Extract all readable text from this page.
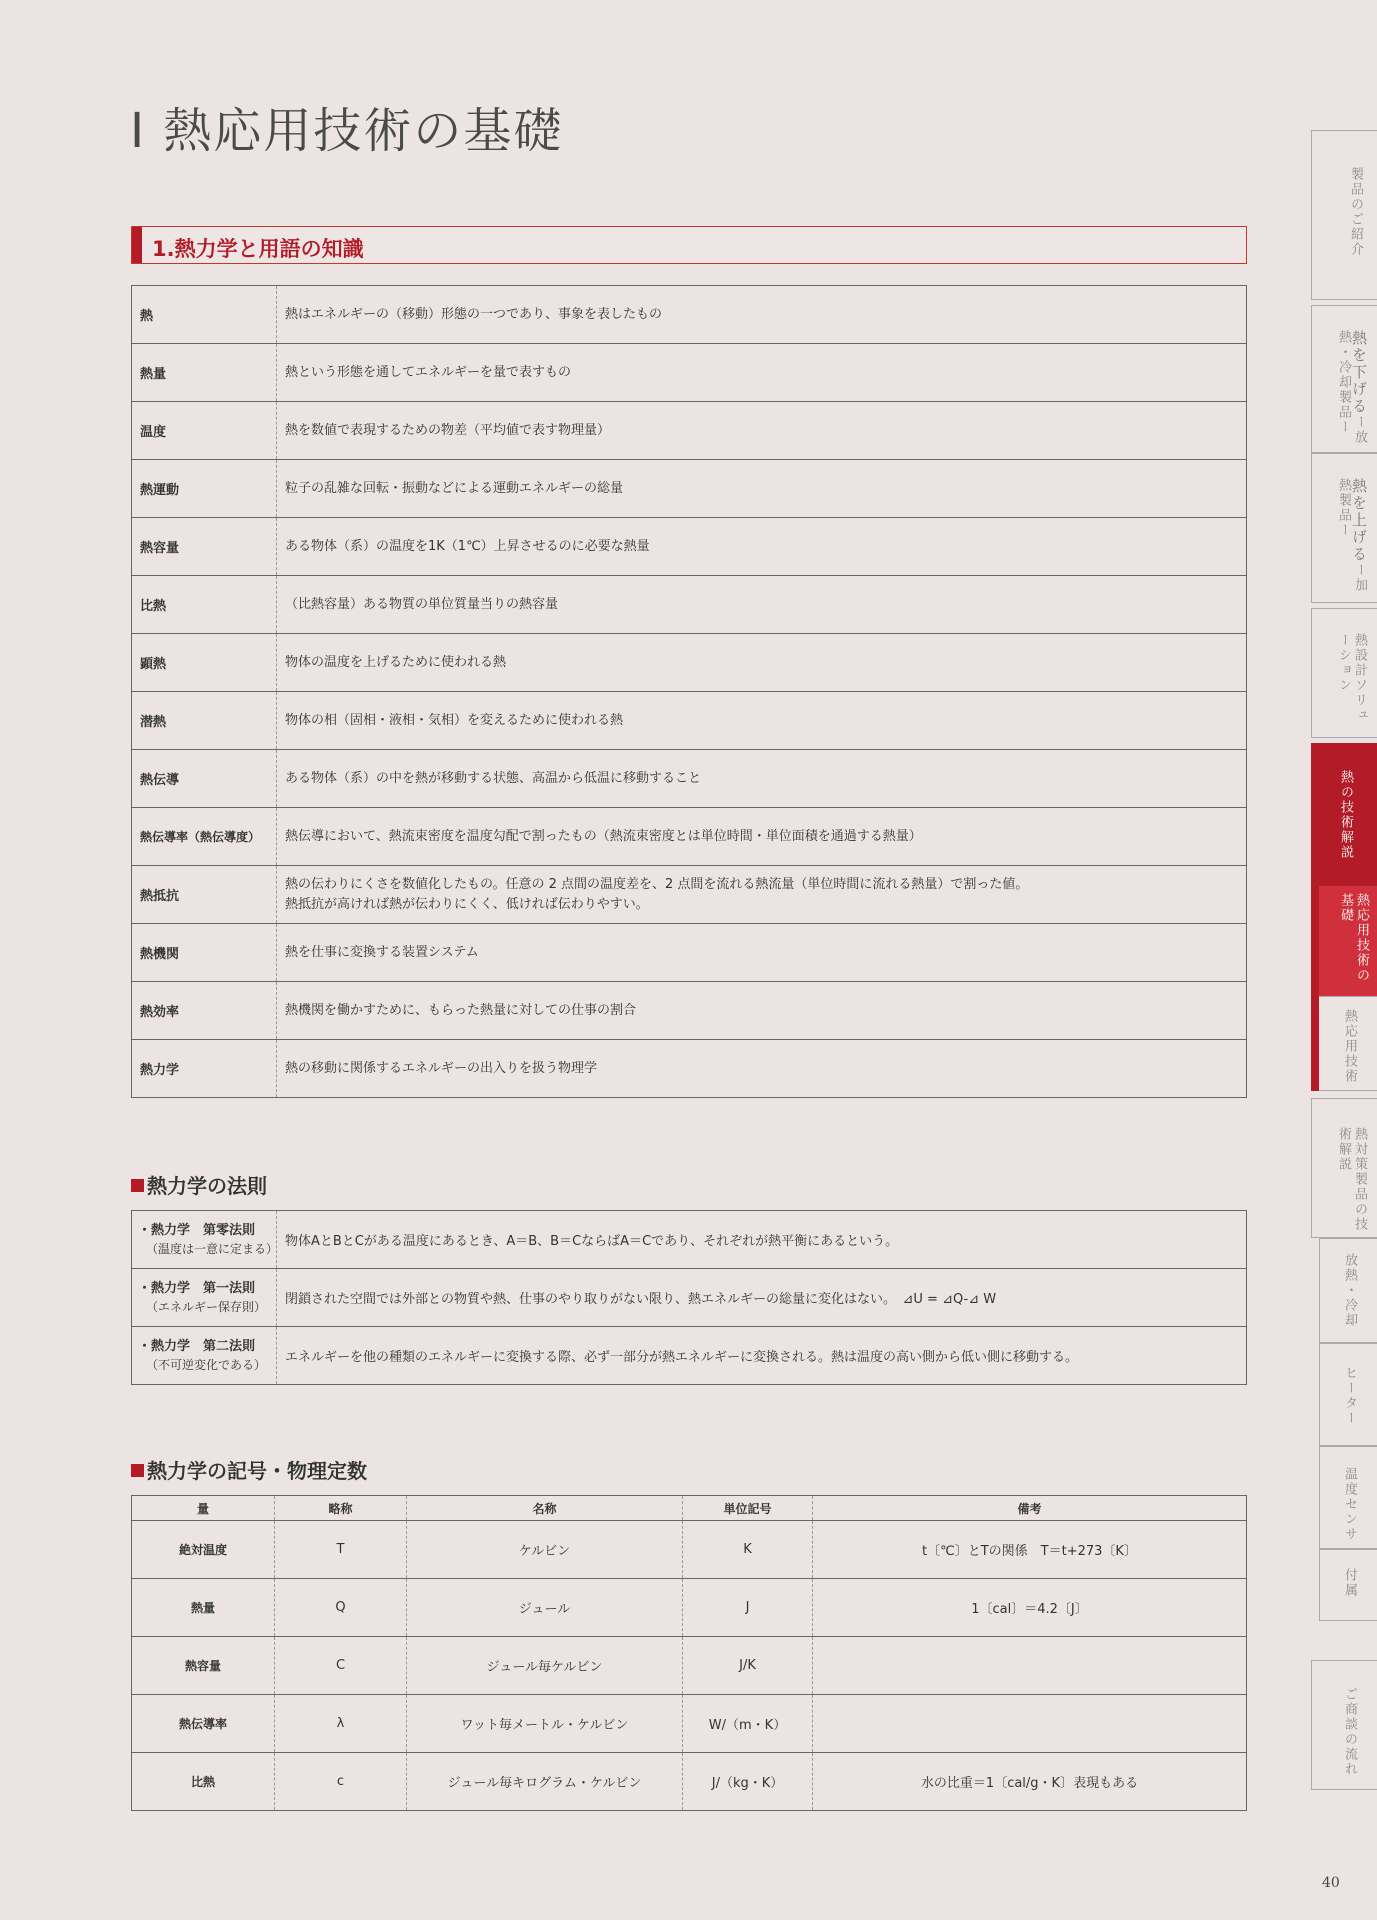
Ⅰ 熱応用技術の基礎
1.熱力学と用語の知識
熱	熱はエネルギーの（移動）形態の一つであり、事象を表したもの

熱量	熱という形態を通してエネルギーを量で表すもの

温度	熱を数値で表現するための物差（平均値で表す物理量）

熱運動	粒子の乱雑な回転・振動などによる運動エネルギーの総量

熱容量	ある物体（系）の温度を1K（1℃）上昇させるのに必要な熱量

比熱	（比熱容量）ある物質の単位質量当りの熱容量

顕熱	物体の温度を上げるために使われる熱

潜熱	物体の相（固相・液相・気相）を変えるために使われる熱

熱伝導	ある物体（系）の中を熱が移動する状態、高温から低温に移動すること

熱伝導率（熱伝導度）	熱伝導において、熱流束密度を温度勾配で割ったもの（熱流束密度とは単位時間・単位面積を通過する熱量）

熱抵抗	熱の伝わりにくさを数値化したもの。任意の 2 点間の温度差を、2 点間を流れる熱流量（単位時間に流れる熱量）で割った値。
熱抵抗が高ければ熱が伝わりにくく、低ければ伝わりやすい。

熱機関	熱を仕事に変換する装置システム

熱効率	熱機関を働かすために、もらった熱量に対しての仕事の割合

熱力学	熱の移動に関係するエネルギーの出入りを扱う物理学
熱力学の法則
・熱力学　第零法則
（温度は一意に定まる）	物体AとBとCがある温度にあるとき、A＝B、B＝CならばA＝Cであり、それぞれが熱平衡にあるという。
・熱力学　第一法則
（エネルギー保存則）	閉鎖された空間では外部との物質や熱、仕事のやり取りがない限り、熱エネルギーの総量に変化はない。　⊿U = ⊿Q-⊿ W
・熱力学　第二法則
（不可逆変化である）	エネルギーを他の種類のエネルギーに変換する際、必ず一部分が熱エネルギーに変換される。熱は温度の高い側から低い側に移動する。
熱力学の記号・物理定数
量	略称	名称	単位記号	備考
絶対温度	T	ケルビン	K	t〔℃〕とTの関係　T＝t+273〔K〕
熱量	Q	ジュール	J	1〔cal〕＝4.2〔J〕
熱容量	C	ジュール毎ケルビン	J/K	
熱伝導率	λ	ワット毎メートル・ケルビン	W/（m・K）	
比熱	c	ジュール毎キログラム・ケルビン	J/（kg・K）	水の比重＝1〔cal/g・K〕表現もある
製品のご紹介
熱を下げるー放熱・冷却製品ー
熱を上げるー加熱製品ー
熱設計ソリューション
熱の技術解説
熱応用技術の基礎
熱応用技術
熱対策製品の技術解説
放熱・冷却
ヒーター
温度センサ
付属
ご商談の流れ
40
